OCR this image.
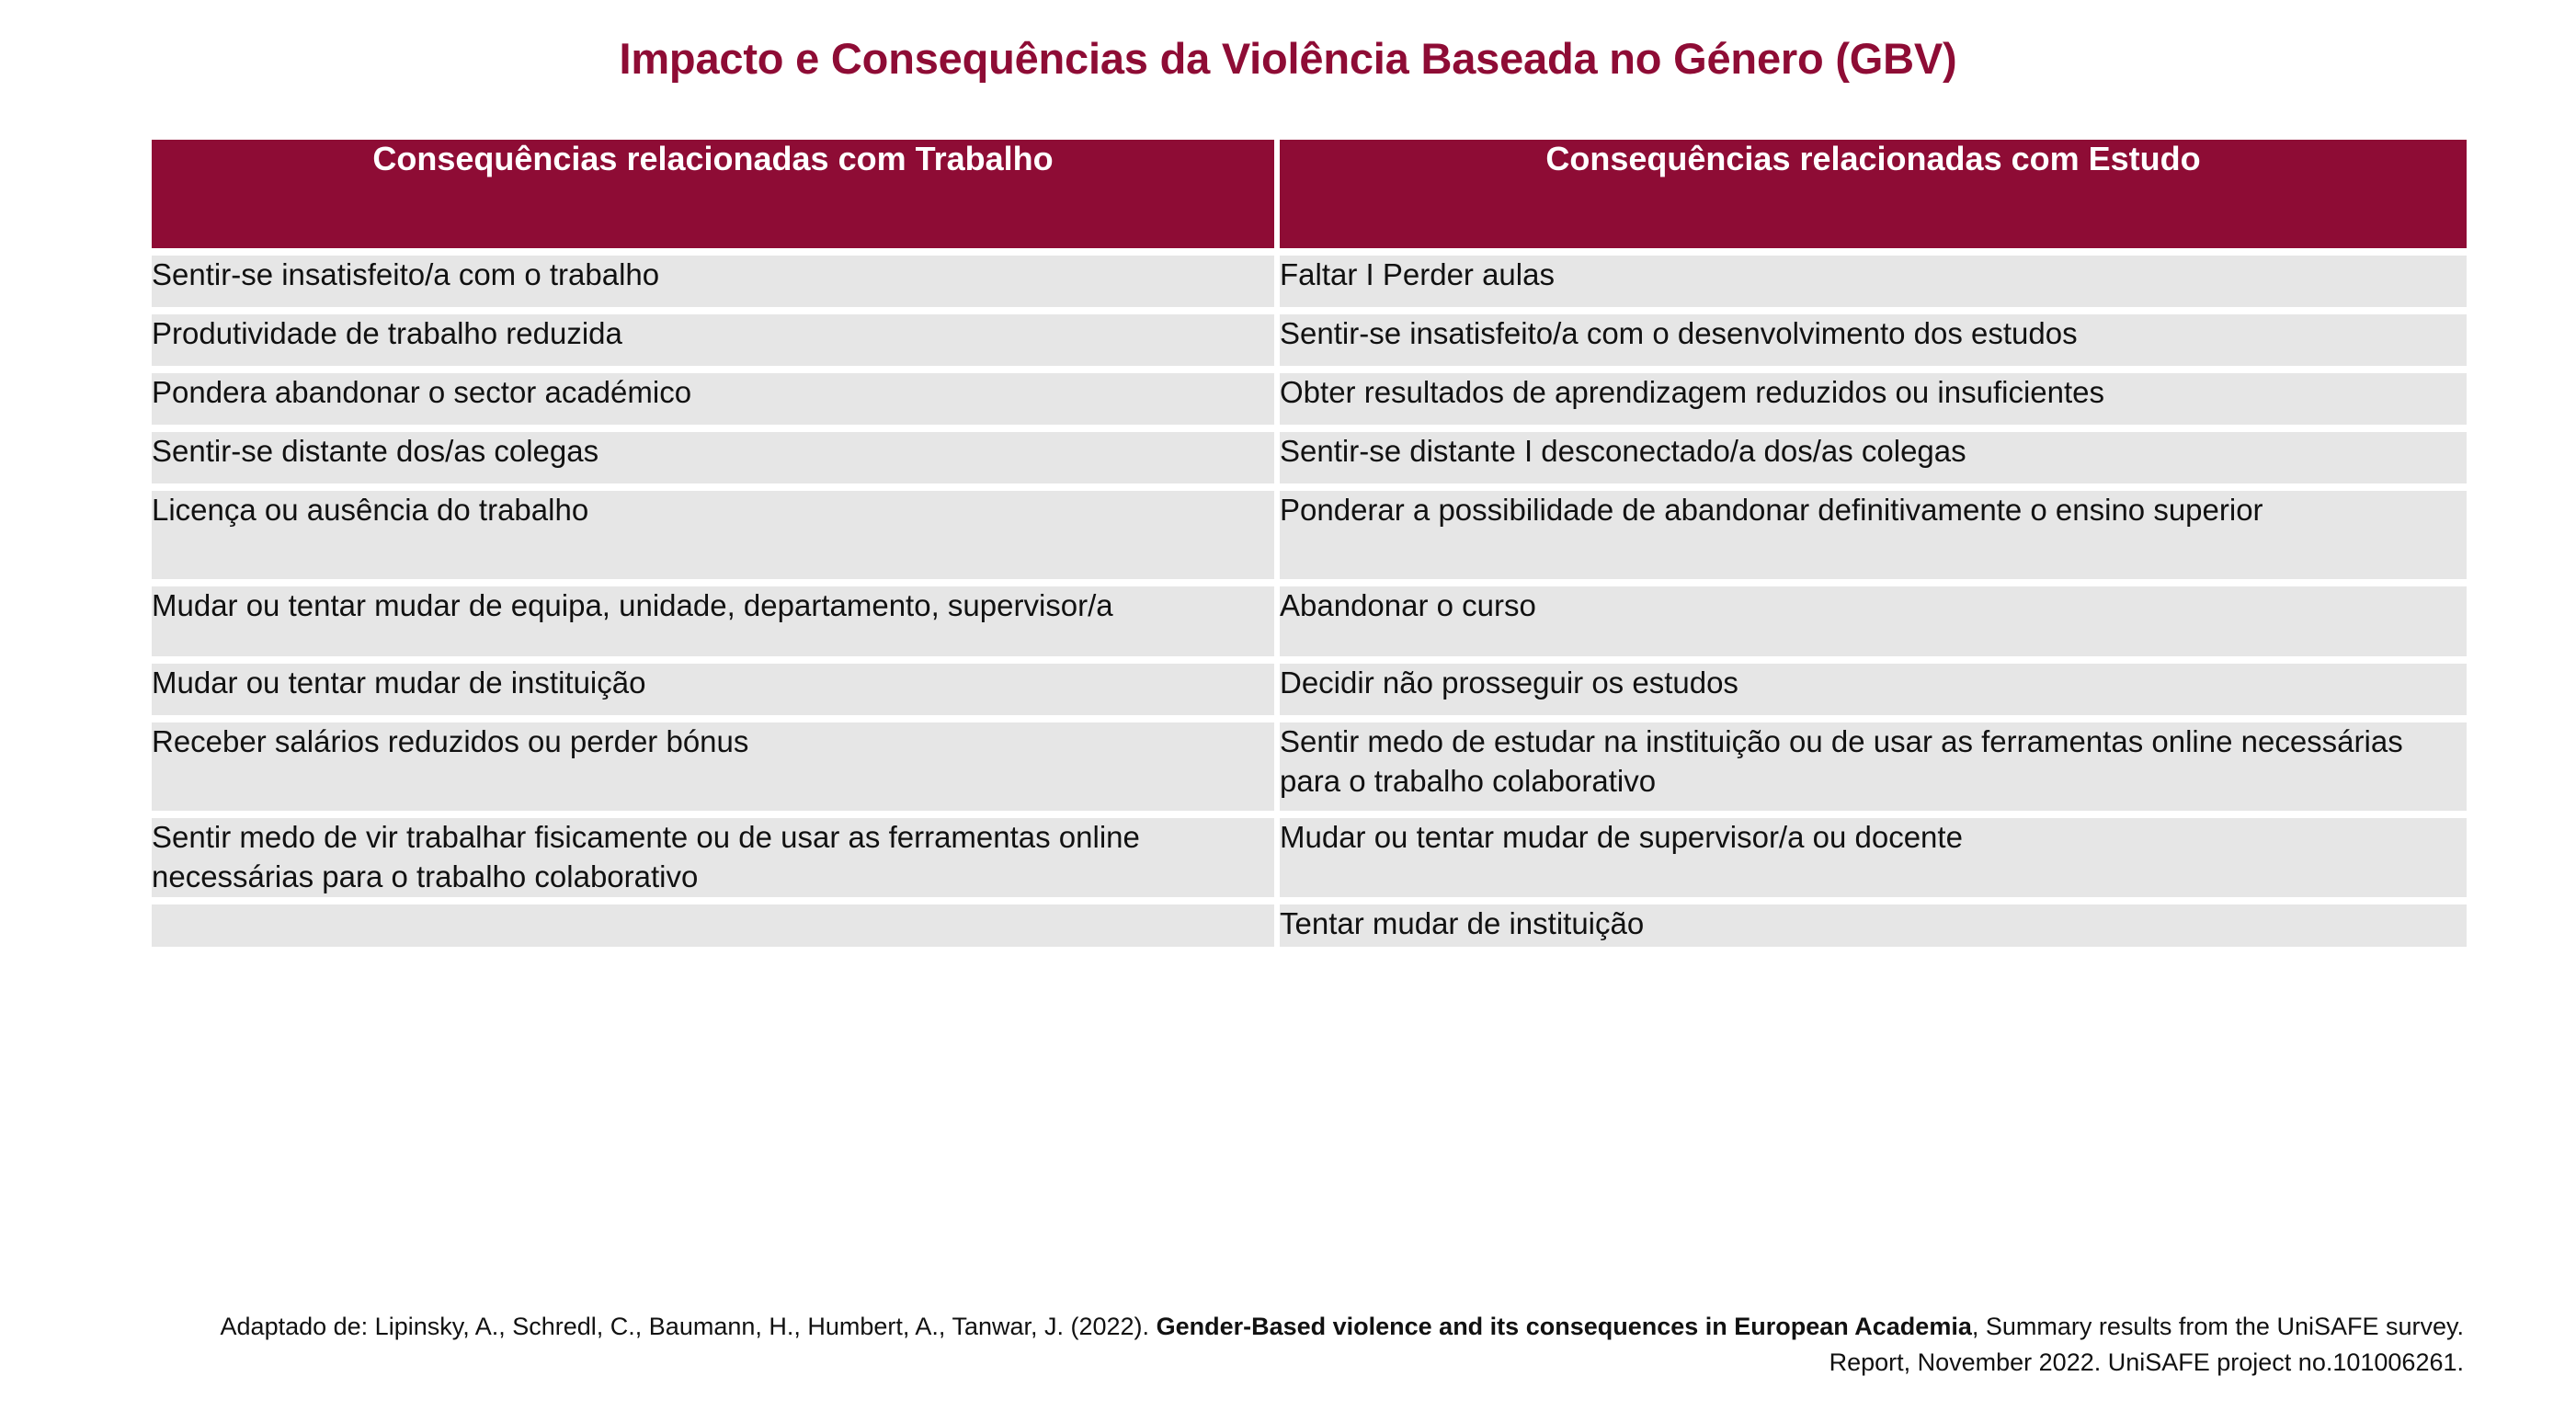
Impacto e Consequências da Violência Baseada no Género (GBV)
Consequências relacionadas com Trabalho		Consequências relacionadas com Estudo

Sentir-se insatisfeito/a com o trabalho		Faltar I Perder aulas

Produtividade de trabalho reduzida		Sentir-se insatisfeito/a com o desenvolvimento dos estudos

Pondera abandonar o sector académico		Obter resultados de aprendizagem reduzidos ou insuficientes

Sentir-se distante dos/as colegas		Sentir-se distante I desconectado/a dos/as colegas

Licença ou ausência do trabalho		Ponderar a possibilidade de abandonar definitivamente o ensino superior

Mudar ou tentar mudar de equipa, unidade, departamento, supervisor/a		Abandonar o curso

Mudar ou tentar mudar de instituição		Decidir não prosseguir os estudos

Receber salários reduzidos ou perder bónus		Sentir medo de estudar na instituição ou de usar as ferramentas online necessárias para o trabalho colaborativo

Sentir medo de vir trabalhar fisicamente ou de usar as ferramentas online necessárias para o trabalho colaborativo		Mudar ou tentar mudar de supervisor/a ou docente

		Tentar mudar de instituição
Adaptado de: Lipinsky, A., Schredl, C., Baumann, H., Humbert, A., Tanwar, J. (2022). Gender-Based violence and its consequences in European Academia, Summary results from the UniSAFE survey. Report, November 2022. UniSAFE project no.101006261.
